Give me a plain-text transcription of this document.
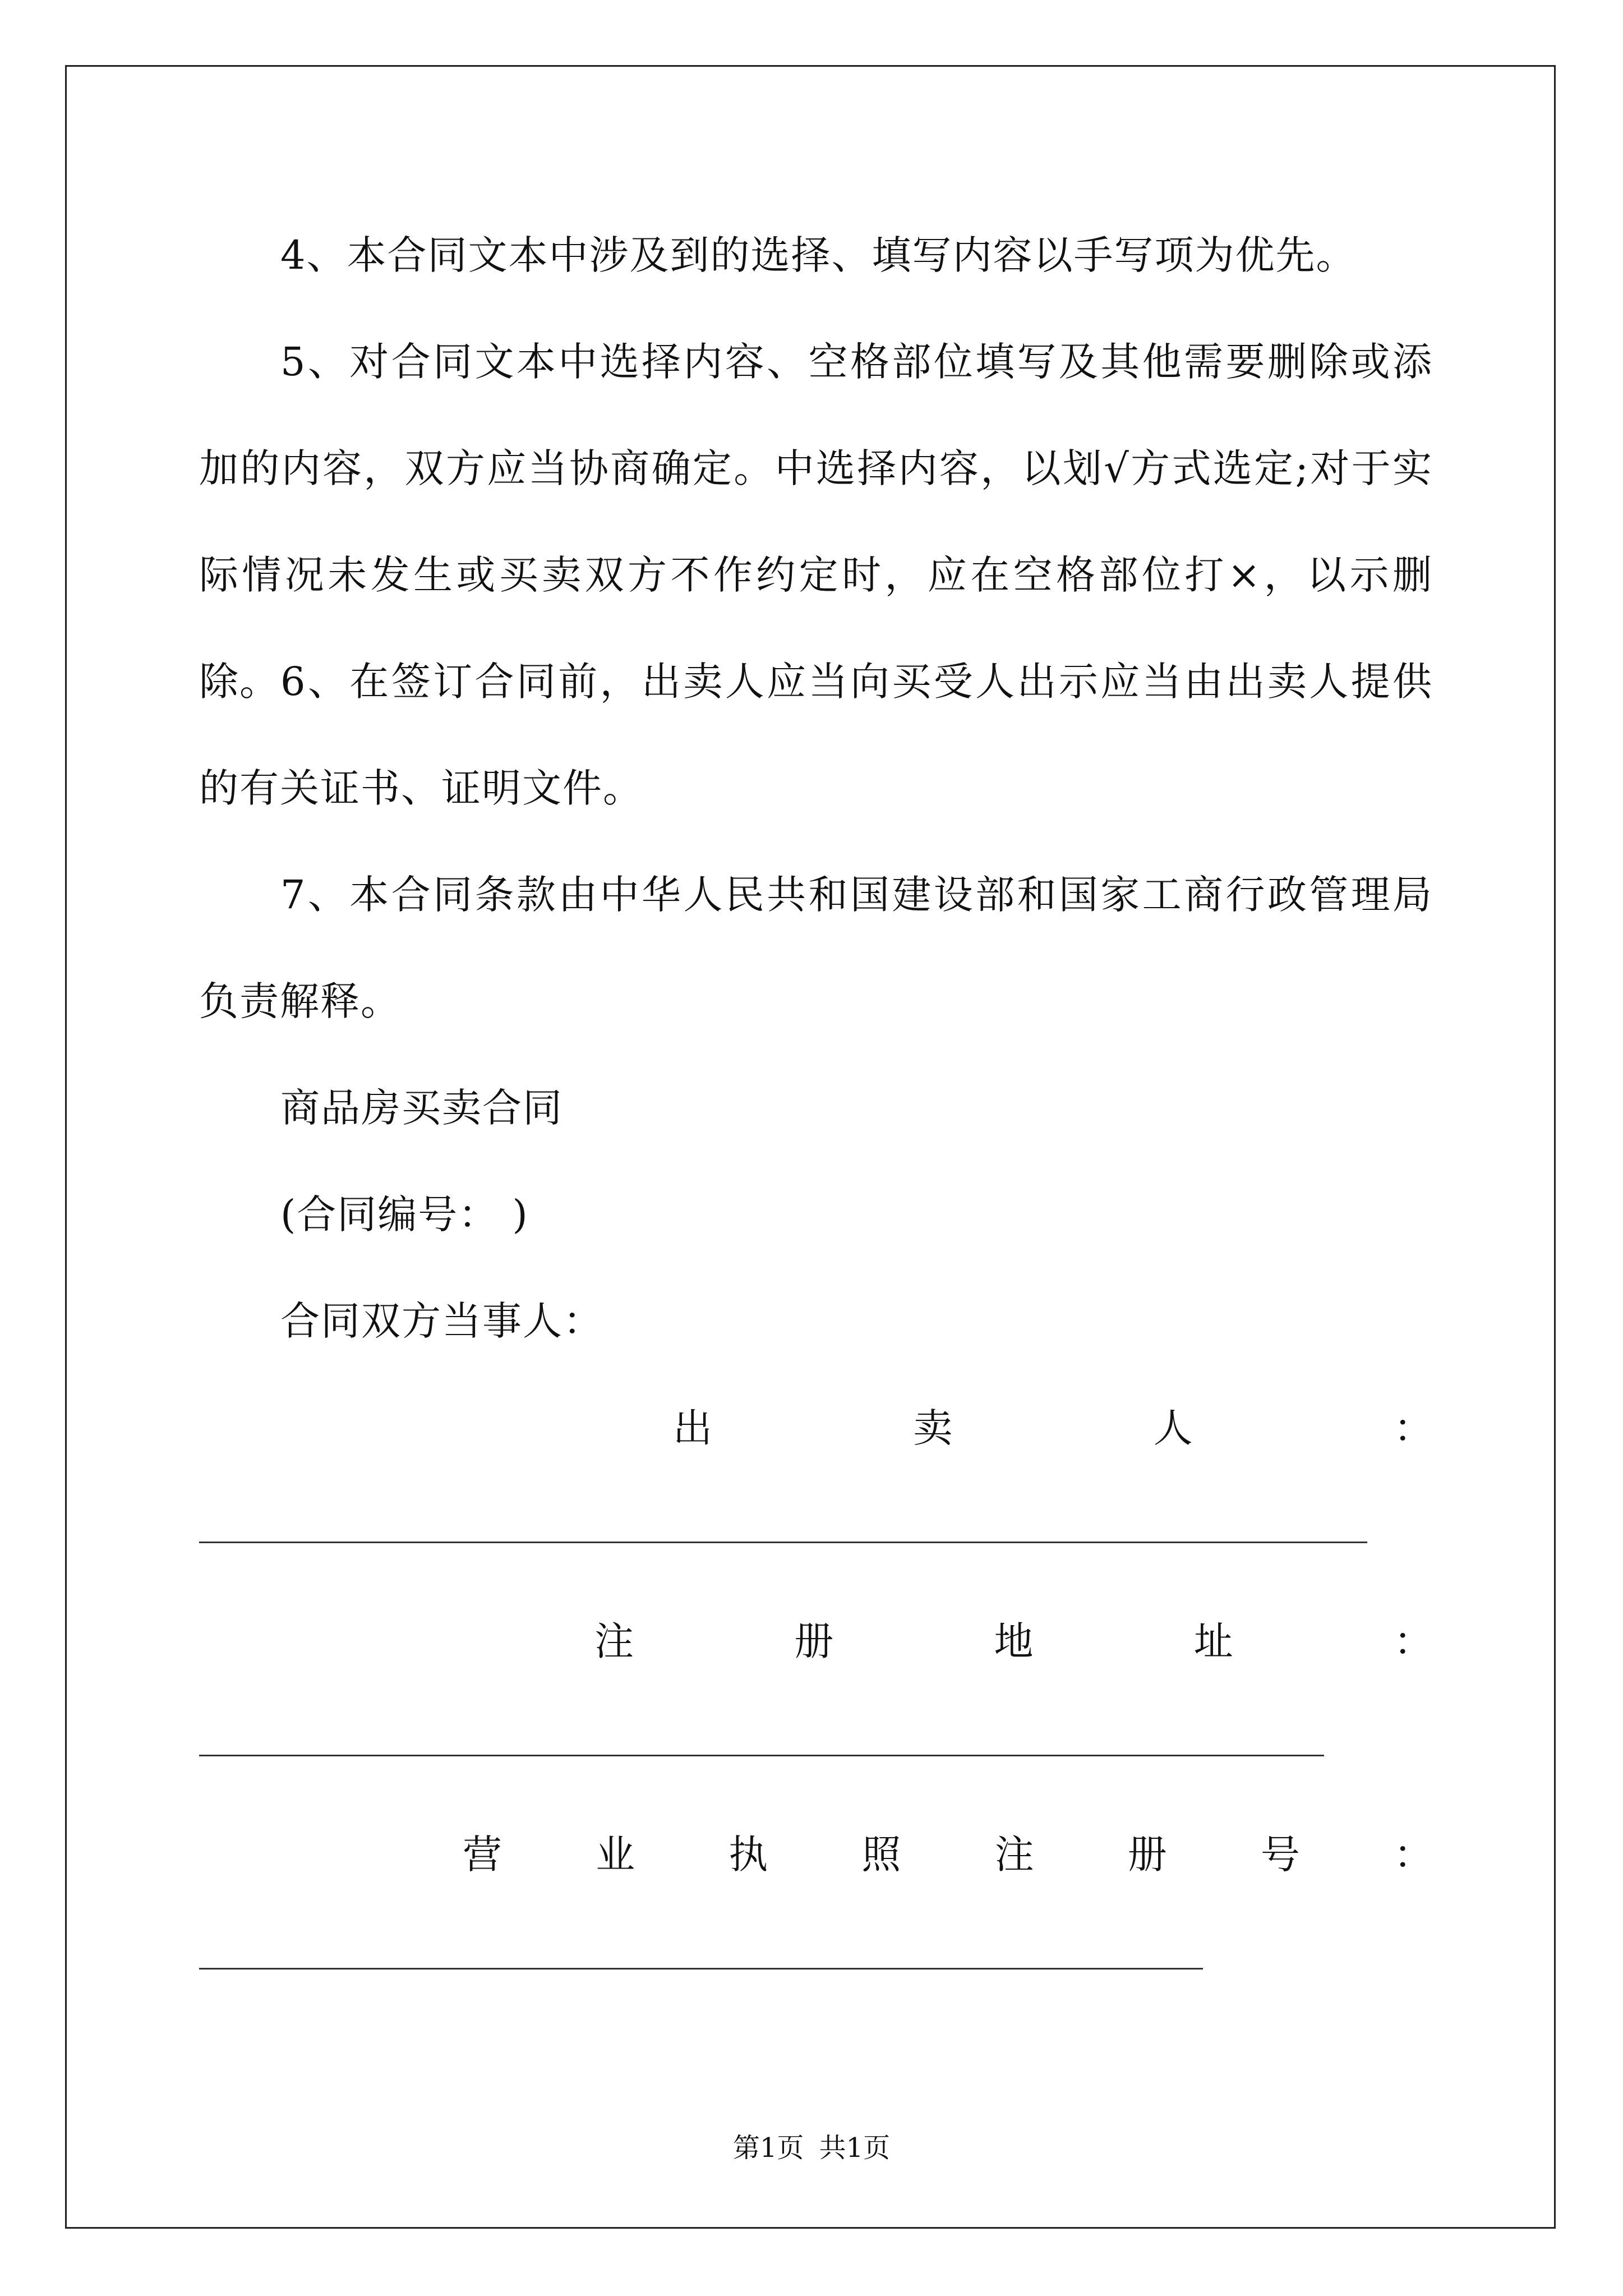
4、本合同文本中涉及到的选择、填写内容以手写项为优先。

5、对合同文本中选择内容、空格部位填写及其他需要删除或添加的内容，双方应当协商确定。中选择内容，以划√方式选定;对于实际情况未发生或买卖双方不作约定时，应在空格部位打×，以示删除。 6、在签订合同前，出卖人应当向买受人出示应当由出卖人提供的有关证书、证明文件。

7、本合同条款由中华人民共和国建设部和国家工商行政管理局负责解释。

商品房买卖合同

(合同编号： )

合同双方当事人：

出	卖	人	：
注	册	地	址	：
营 业 执 照 注 册 号 ：
第1页 共1页
